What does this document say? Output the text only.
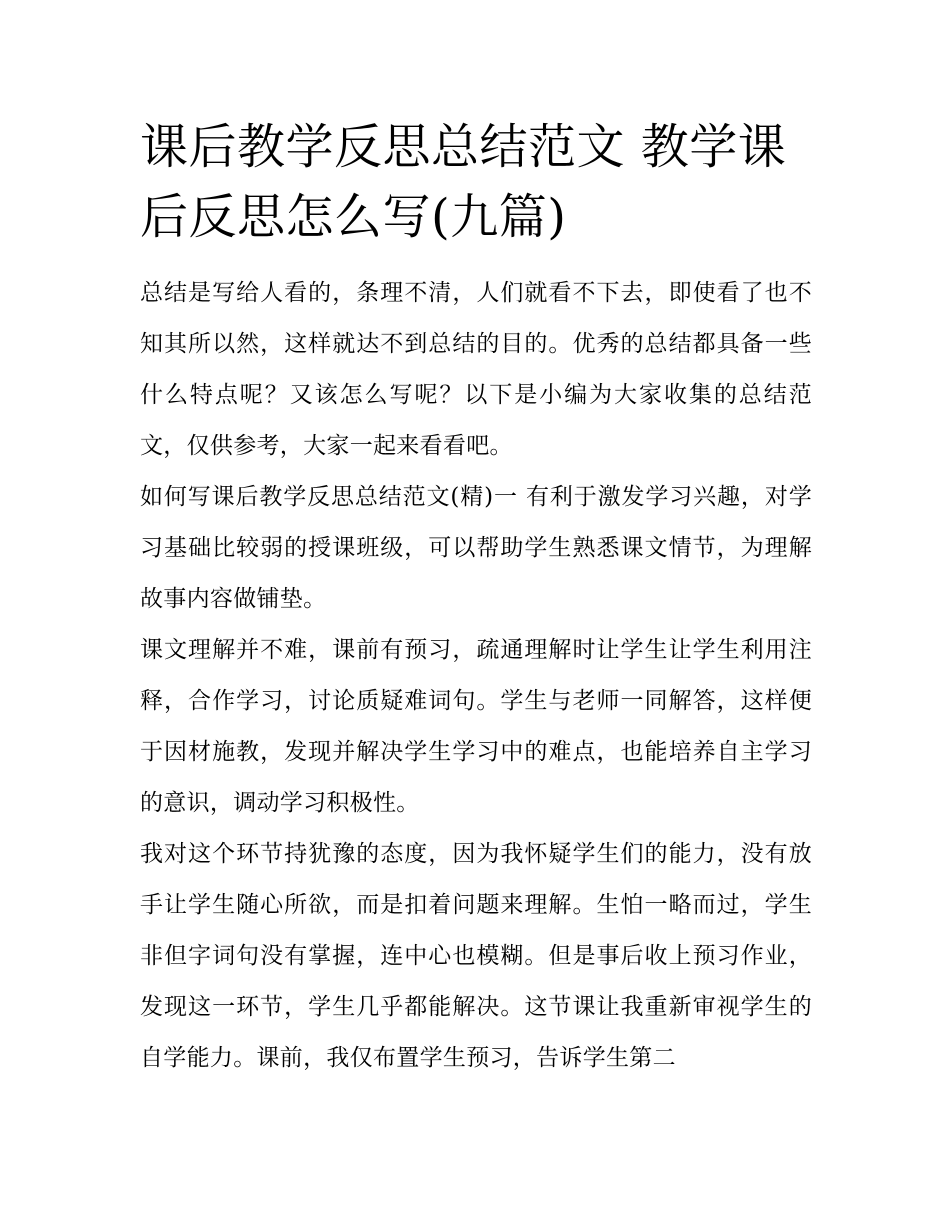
课后教学反思总结范文 教学课后反思怎么写(九篇)

总结是写给人看的，条理不清，人们就看不下去，即使看了也不知其所以然，这样就达不到总结的目的。优秀的总结都具备一些什么特点呢？又该怎么写呢？以下是小编为大家收集的总结范文，仅供参考，大家一起来看看吧。

如何写课后教学反思总结范文(精)一 有利于激发学习兴趣，对学习基础比较弱的授课班级，可以帮助学生熟悉课文情节，为理解故事内容做铺垫。

课文理解并不难，课前有预习，疏通理解时让学生让学生利用注释，合作学习，讨论质疑难词句。学生与老师一同解答，这样便于因材施教，发现并解决学生学习中的难点，也能培养自主学习的意识，调动学习积极性。

我对这个环节持犹豫的态度，因为我怀疑学生们的能力，没有放手让学生随心所欲，而是扣着问题来理解。生怕一略而过，学生非但字词句没有掌握，连中心也模糊。但是事后收上预习作业，发现这一环节，学生几乎都能解决。这节课让我重新审视学生的自学能力。课前，我仅布置学生预习，告诉学生第二
